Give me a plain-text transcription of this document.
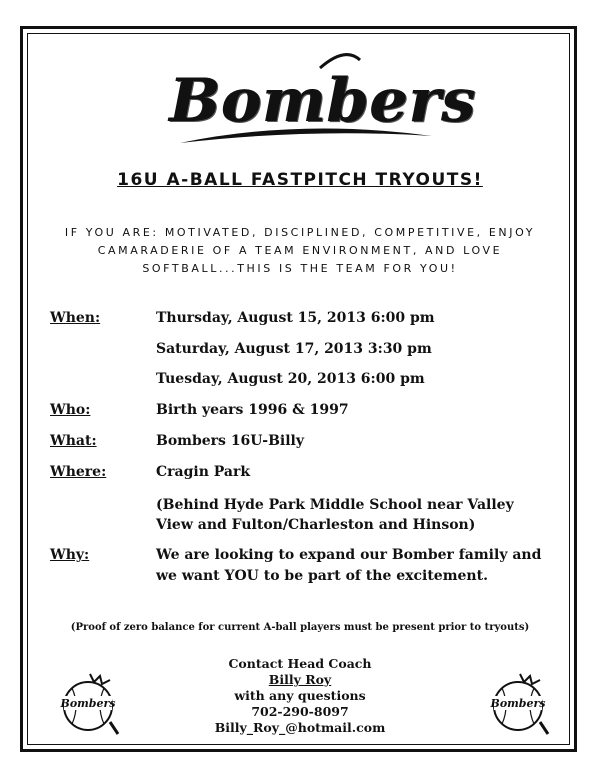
Bombers
16U A-BALL FASTPITCH TRYOUTS!
IF YOU ARE: MOTIVATED, DISCIPLINED, COMPETITIVE, ENJOY
CAMARADERIE OF A TEAM ENVIRONMENT, AND LOVE
SOFTBALL...THIS IS THE TEAM FOR YOU!
When:	Thursday, August 15, 2013 6:00 pm
Saturday, August 17, 2013 3:30 pm
Tuesday, August 20, 2013 6:00 pm
Who:	Birth years 1996 & 1997
What:	Bombers 16U-Billy
Where:	Cragin Park
(Behind Hyde Park Middle School near Valley
View and Fulton/Charleston and Hinson)
Why:	We are looking to expand our Bomber family and
we want YOU to be part of the excitement.
(Proof of zero balance for current A-ball players must be present prior to tryouts)
Contact Head Coach
Billy Roy
with any questions
702-290-8097
Billy_Roy_@hotmail.com
Bombers	Bombers
